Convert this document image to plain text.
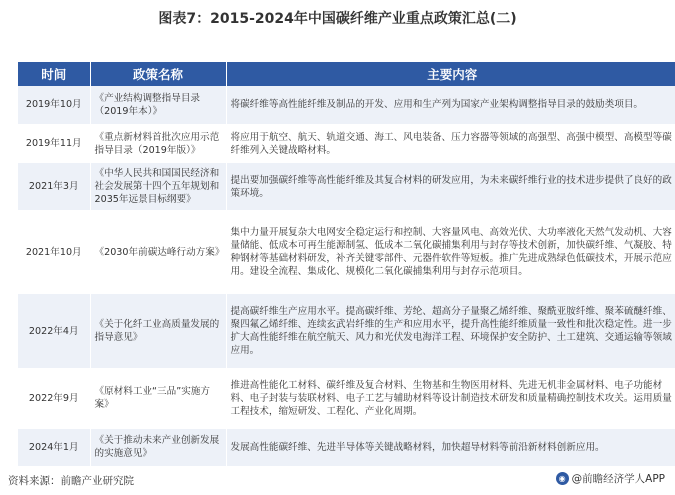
图表7：2015-2024年中国碳纤维产业重点政策汇总(二)
时间	政策名称	主要内容
2019年10月	《产业结构调整指导目录（2019年本）》	将碳纤维等高性能纤维及制品的开发、应用和生产列为国家产业架构调整指导目录的鼓励类项目。
2019年11月	《重点新材料首批次应用示范指导目录（2019年版）》	将应用于航空、航天、轨道交通、海工、风电装备、压力容器等领域的高强型、高强中模型、高模型等碳纤维列入关键战略材料。
2021年3月	《中华人民共和国国民经济和社会发展第十四个五年规划和2035年远景目标纲要》	提出要加强碳纤维等高性能纤维及其复合材料的研发应用，为未来碳纤维行业的技术进步提供了良好的政策环境。
2021年10月	《2030年前碳达峰行动方案》	集中力量开展复杂大电网安全稳定运行和控制、大容量风电、高效光伏、大功率液化天然气发动机、大容量储能、低成本可再生能源制氢、低成本二氧化碳捕集利用与封存等技术创新，加快碳纤维、气凝胶、特种钢材等基础材料研发，补齐关键零部件、元器件软件等短板。推广先进成熟绿色低碳技术，开展示范应用。建设全流程、集成化、规模化二氧化碳捕集利用与封存示范项目。
2022年4月	《关于化纤工业高质量发展的指导意见》	提高碳纤维生产应用水平。提高碳纤维、芳纶、超高分子量聚乙烯纤维、聚酰亚胺纤维、聚苯硫醚纤维、聚四氟乙烯纤维、连续玄武岩纤维的生产和应用水平，提升高性能纤维质量一致性和批次稳定性。进一步扩大高性能纤维在航空航天、风力和光伏发电海洋工程、环境保护安全防护、土工建筑、交通运输等领域应用。
2022年9月	《原材料工业“三品”实施方案》	推进高性能化工材料、碳纤维及复合材料、生物基和生物医用材料、先进无机非金属材料、电子功能材料、电子封装与装联材料、电子工艺与辅助材料等设计制造技术研发和质量精确控制技术攻关。运用质量工程技术，缩短研发、工程化、产业化周期。
2024年1月	《关于推动未来产业创新发展的实施意见》	发展高性能碳纤维、先进半导体等关键战略材料，加快超导材料等前沿新材料创新应用。
资料来源：前瞻产业研究院	◉ @前瞻经济学人APP
